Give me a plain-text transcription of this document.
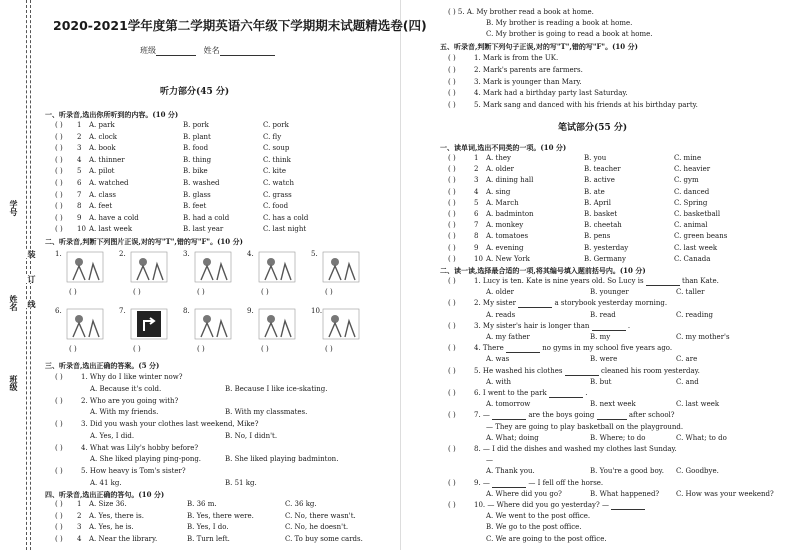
学号
姓名
班级
装
订
线
2020-2021学年度第二学期英语六年级下学期期末试题精选卷(四)
班级	姓名
听力部分(45 分)
一、听录音,选出你所听到的内容。(10 分)
( ) 1 A. park	B. pork	C. pork
( ) 2 A. clock	B. plant	C. fly
( ) 3 A. book	B. food	C. soup
( ) 4 A. thinner	B. thing	C. think
( ) 5 A. pilot	B. bike	C. kite
( ) 6 A. watched	B. washed	C. watch
( ) 7 A. class	B. glass	C. grass
( ) 8 A. feet	B. feet	C. food
( ) 9 A. have a cold	B. had a cold	C. has a cold
( ) 10 A. last week	B. last year	C. last night
二、听录音,判断下列图片正误,对的写"T",错的写"F"。(10 分)
1.
( )
2.
( )
3.
( )
4.
( )
5.
( )
6.
( )
7.
( )
8.
( )
9.
( )
10.
( )
三、听录音,选出正确的答案。(5 分)
( )	1. Why do I like winter now?
A. Because it's cold.	B. Because I like ice-skating.
( )	2. Who are you going with?
A. With my friends.	B. With my classmates.
( )	3. Did you wash your clothes last weekend, Mike?
A. Yes, I did.	B. No, I didn't.
( )	4. What was Lily's hobby before?
A. She liked playing ping-pong.	B. She liked playing badminton.
( )	5. How heavy is Tom's sister?
A. 41 kg.	B. 51 kg.
四、听录音,选出正确的答句。(10 分)
( ) 1 A. Size 36.	B. 36 m.	C. 36 kg.
( ) 2 A. Yes, there is.	B. Yes, there were.	C. No, there wasn't.
( ) 3 A. Yes, he is.	B. Yes, I do.	C. No, he doesn't.
( ) 4 A. Near the library.	B. Turn left.	C. To buy some cards.
( ) 5. A. My brother read a book at home.
B. My brother is reading a book at home.
C. My brother is going to read a book at home.
五、听录音,判断下列句子正误,对的写"T",错的写"F"。(10 分)
( )	1. Mark is from the UK.
( )	2. Mark's parents are farmers.
( )	3. Mark is younger than Mary.
( )	4. Mark had a birthday party last Saturday.
( )	5. Mark sang and danced with his friends at his birthday party.
笔试部分(55 分)
一、读单词,选出不同类的一项。(10 分)
( )	1 A. they	B. you	C. mine
( )	2 A. older	B. teacher	C. heavier
( )	3 A. dining hall	B. active	C. gym
( )	4 A. sing	B. ate	C. danced
( )	5 A. March	B. April	C. Spring
( )	6 A. badminton	B. basket	C. basketball
( )	7 A. monkey	B. cheetah	C. animal
( )	8 A. tomatoes	B. pens	C. green beans
( )	9 A. evening	B. yesterday	C. last week
( )	10 A. New York	B. Germany	C. Canada
二、读一读,选择最合适的一项,将其编号填入题前括号内。(10 分)
( )	1. Lucy is ten. Kate is nine years old. So Lucy is	than Kate.
A. older	B. younger	C. taller
( )	2. My sister	a storybook yesterday morning.
A. reads	B. read	C. reading
( )	3. My sister's hair is longer than	.
A. my father	B. my	C. my mother's
( )	4. There	no gyms in my school five years ago.
A. was	B. were	C. are
( )	5. He washed his clothes	cleaned his room yesterday.
A. with	B. but	C. and
( )	6. I went to the park	.
A. tomorrow	B. next week	C. last week
( )	7. —	are the boys going	after school?
— They are going to play basketball on the playground.
A. What; doing	B. Where; to do	C. What; to do
( )	8. — I did the dishes and washed my clothes last Sunday.
—
A. Thank you.	B. You're a good boy. C. Goodbye.
( )	9. —	— I fell off the horse.
A. Where did you go?	B. What happened? C. How was your weekend?
( )	10. — Where did you go yesterday? —
A. We went to the post office.
B. We go to the post office.
C. We are going to the post office.
